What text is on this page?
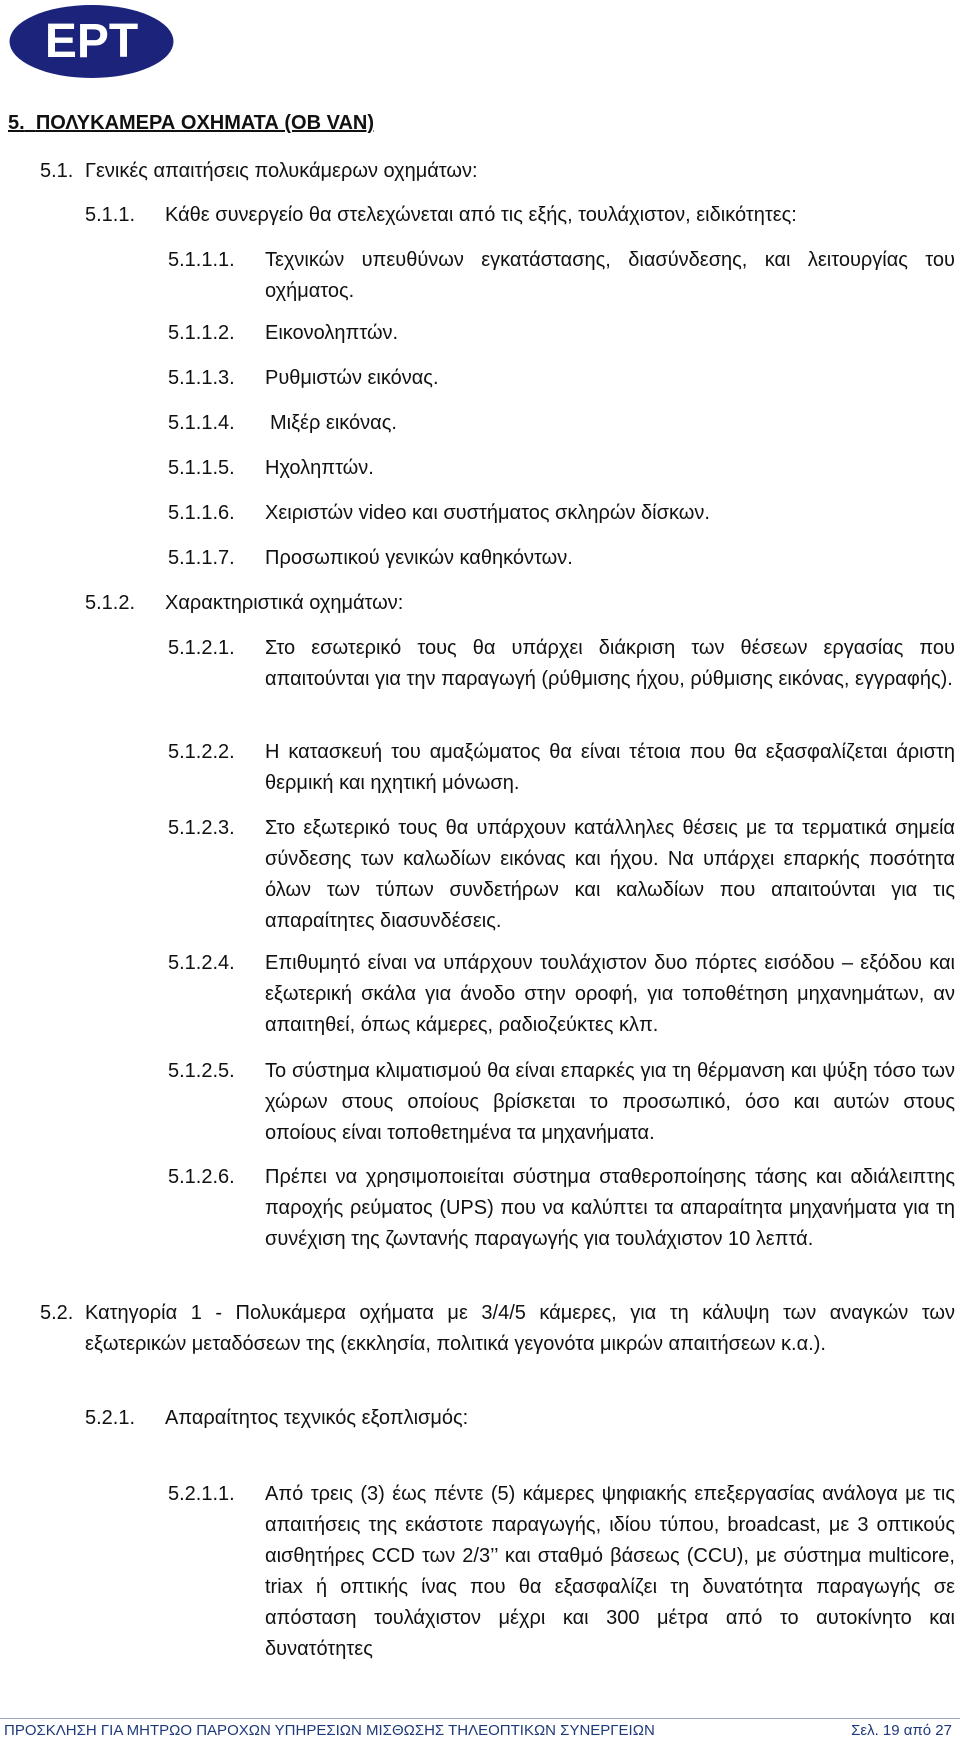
ΕΡΤ
5. ΠΟΛΥΚΑΜΕΡΑ ΟΧΗΜΑΤΑ (OB VAN)
5.1. Γενικές απαιτήσεις πολυκάμερων οχημάτων:
5.1.1. Κάθε συνεργείο θα στελεχώνεται από τις εξής, τουλάχιστον, ειδικότητες:
5.1.1.1. Τεχνικών υπευθύνων εγκατάστασης, διασύνδεσης, και λειτουργίας του οχήματος.
5.1.1.2. Εικονοληπτών.
5.1.1.3. Ρυθμιστών εικόνας.
5.1.1.4. Μιξέρ εικόνας.
5.1.1.5. Ηχοληπτών.
5.1.1.6. Χειριστών video και συστήματος σκληρών δίσκων.
5.1.1.7. Προσωπικού γενικών καθηκόντων.
5.1.2. Χαρακτηριστικά οχημάτων:
5.1.2.1. Στο εσωτερικό τους θα υπάρχει διάκριση των θέσεων εργασίας που απαιτούνται για την παραγωγή (ρύθμισης ήχου, ρύθμισης εικόνας, εγγραφής).
5.1.2.2. Η κατασκευή του αμαξώματος θα είναι τέτοια που θα εξασφαλίζεται άριστη θερμική και ηχητική μόνωση.
5.1.2.3. Στο εξωτερικό τους θα υπάρχουν κατάλληλες θέσεις με τα τερματικά σημεία σύνδεσης των καλωδίων εικόνας και ήχου. Να υπάρχει επαρκής ποσότητα όλων των τύπων συνδετήρων και καλωδίων που απαιτούνται για τις απαραίτητες διασυνδέσεις.
5.1.2.4. Επιθυμητό είναι να υπάρχουν τουλάχιστον δυο πόρτες εισόδου – εξόδου και εξωτερική σκάλα για άνοδο στην οροφή, για τοποθέτηση μηχανημάτων, αν απαιτηθεί, όπως κάμερες, ραδιοζεύκτες κλπ.
5.1.2.5. Το σύστημα κλιματισμού θα είναι επαρκές για τη θέρμανση και ψύξη τόσο των χώρων στους οποίους βρίσκεται το προσωπικό, όσο και αυτών στους οποίους είναι τοποθετημένα τα μηχανήματα.
5.1.2.6. Πρέπει να χρησιμοποιείται σύστημα σταθεροποίησης τάσης και αδιάλειπτης παροχής ρεύματος (UPS) που να καλύπτει τα απαραίτητα μηχανήματα για τη συνέχιση της ζωντανής παραγωγής για τουλάχιστον 10 λεπτά.
5.2. Κατηγορία 1 - Πολυκάμερα οχήματα με 3/4/5 κάμερες, για τη κάλυψη των αναγκών των εξωτερικών μεταδόσεων της (εκκλησία, πολιτικά γεγονότα μικρών απαιτήσεων κ.α.).
5.2.1. Απαραίτητος τεχνικός εξοπλισμός:
5.2.1.1. Από τρεις (3) έως πέντε (5) κάμερες ψηφιακής επεξεργασίας ανάλογα με τις απαιτήσεις της εκάστοτε παραγωγής, ιδίου τύπου, broadcast, με 3 οπτικούς αισθητήρες CCD των 2/3’’ και σταθμό βάσεως (CCU), με σύστημα multicore, triax ή οπτικής ίνας που θα εξασφαλίζει τη δυνατότητα παραγωγής σε απόσταση τουλάχιστον μέχρι και 300 μέτρα από το αυτοκίνητο και δυνατότητες
ΠΡΟΣΚΛΗΣΗ ΓΙΑ ΜΗΤΡΩΟ ΠΑΡΟΧΩΝ ΥΠΗΡΕΣΙΩΝ ΜΙΣΘΩΣΗΣ ΤΗΛΕΟΠΤΙΚΩΝ ΣΥΝΕΡΓΕΙΩΝ	Σελ. 19 από 27
